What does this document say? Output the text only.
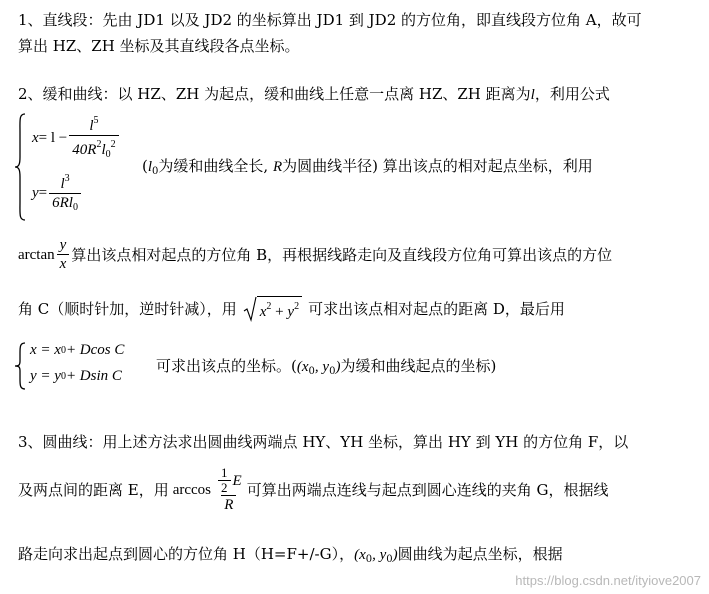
1、直线段：先由 JD1 以及 JD2 的坐标算出 JD1 到 JD2 的方位角，即直线段方位角 A，故可
算出 HZ、ZH 坐标及其直线段各点坐标。
2、缓和曲线：以 HZ、ZH 为起点，缓和曲线上任意一点离 HZ、ZH 距离为l，利用公式
$x = l - \frac{l^5}{40R^2l_0^2}$
($l_0$为缓和曲线全长, R为圆曲线半径) 算出该点的相对起点坐标，利用
$y = \frac{l^3}{6Rl_0}$
$\arctan \frac{y}{x}$ 算出该点相对起点的方位角 B，再根据线路走向及直线段方位角可算出该点的方位
角 C（顺时针加，逆时针减），用 $x^2 + y^2$ 可求出该点相对起点的距离 D，最后用
x = x 0 + Dcos C
y = y 0 + Dsin C
可求出该点的坐标。(($x_0$, $y_0$)为缓和曲线起点的坐标)
3、圆曲线：用上述方法求出圆曲线两端点 HY、YH 坐标，算出 HY 到 YH 的方位角 F，以
及两点间的距离 E，用 $\arccos \frac{\frac{1}{2} E}{R}$ 可算出两端点连线与起点到圆心连线的夹角 G，根据线
路走向求出起点到圆心的方位角 H（H=F+/-G），($x_0$, $y_0$)圆曲线为起点坐标，根据
https://blog.csdn.net/ityiove2007
